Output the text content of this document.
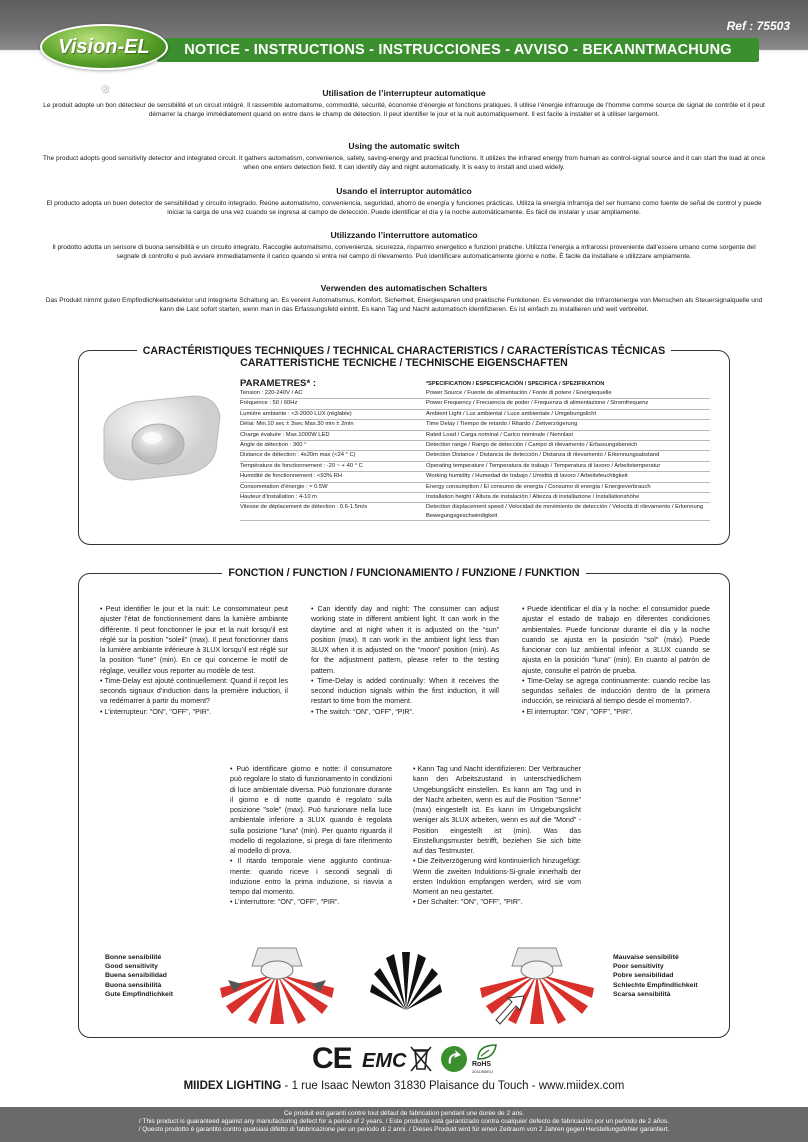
Ref : 75503
NOTICE - INSTRUCTIONS - INSTRUCCIONES - AVVISO - BEKANNTMACHUNG
Vision-EL
®	Utilisation de l’interrupteur automatique

Le produit adopte un bon détecteur de sensibilité et un circuit intégré. Il rassemble automatisme, commodité, sécurité, économie d’énergie et fonctions pratiques. Il utilise l’énergie infrarouge de l’homme comme source de signal de contrôle et il peut démarrer la charge immédiatement quand on entre dans le champ de détection. Il peut identifier le jour et la nuit automatiquement. Il est facile à installer et à utiliser largement.

Using the automatic switch

The product adopts good sensitivity detector and integrated circuit. It gathers automatism, convenience, safety, saving-energy and practical functions. It utilizes the infrared energy from human as control-signal source and it can start the load at once when one enters detection field. It can identify day and night automatically. It is easy to install and used widely.

Usando el interruptor automático

El producto adopta un buen detector de sensibilidad y circuito integrado. Reúne automatismo, conveniencia, seguridad, ahorro de energía y funciones prácticas. Utiliza la energía infrarroja del ser humano como fuente de señal de control y puede iniciar la carga de una vez cuando se ingresa al campo de detección. Puede identificar el día y la noche automáticamente. Es fácil de instalar y usar ampliamente.

Utilizzando l’interruttore automatico

Il prodotto adotta un sensore di buona sensibilità e un circuito integrato. Raccoglie automatismo, convenienza, sicurezza, risparmio energetico e funzioni pratiche. Utilizza l’energia a infrarossi proveniente dall’essere umano come sorgente del segnale di controllo e può avviare immediatamente il carico quando si entra nel campo di rilevamento. Può identificare automaticamente giorno e notte. È facile da installare e utilizzare ampiamente.

Verwenden des automatischen Schalters

Das Produkt nimmt guten Empfindlichkeitsdetektor und integrierte Schaltung an. Es vereint Automatismus, Komfort, Sicherheit, Energiesparen und praktische Funktionen. Es verwendet die Infrarotenergie von Menschen als Steuersignalquelle und kann die Last sofort starten, wenn man in das Erfassungsfeld eintritt. Es kann Tag und Nacht automatisch identifizieren. Es ist einfach zu installieren und weit verbreitet.

CARACTÉRISTIQUES TECHNIQUES / TECHNICAL CHARACTERISTICS / CARACTERÍSTICAS TÉCNICAS
CARATTERISTICHE TECNICHE / TECHNISCHE EIGENSCHAFTEN
PARAMETRES* :	*SPECIFICATION / ESPECIFICACIÓN / SPECIFICA / SPEZIFIKATION
Tension : 220-240V / AC	Power Source / Fuente de alimentación / Fonte di potere / Energiequelle
Fréquence : 50 / 60Hz	Power Frequency / Frecuencia de poder / Frequenza di alimentazione / Stromfrequenz
Lumière ambiante : <3-2000 LUX (réglable)	Ambient Light / Luz ambiental / Luce ambientale / Umgebungslicht
Délai: Min.10 sec ± 3sec Max.30 min ± 2min	Time Delay / Tiempo de retardo / Ritardo / Zeitverzögerung
Charge évaluée : Max.1000W LED	Rated Load / Carga nominal / Carico nominale / Nennlast
Angle de détection : 360 °	Detection range / Rango de detección / Campo di rilevamento / Erfassungsbereich
Distance de détection : 4x20m max (<24 ° C)	Detection Distance / Distancia de detección / Distanza di rilevamento / Erkennungsabstand
Température de fonctionnement : -20 ~ + 40 ° C	Operating temperature / Temperatura de trabajo / Temperatura di lavoro / Arbeitstemperatur
Humidité de fonctionnement : <93% RH	Working humidity / Humedad de trabajo / Umidità di lavoro / Arbeitsfeuchtigkeit
Consommation d’énergie : ≈ 0.5W	Energy consumption / El consumo de energía / Consumo di energia / Energieverbrauch
Hauteur d’installation : 4-10 m	Installation height / Altura de instalación / Altezza di installazione / Installationshöhe
Vitesse de déplacement de détection : 0.6-1.5m/s	Detection displacement speed / Velocidad de movimiento de detección / Velocità di rilevamento / Erkennung Bewegungsgeschwindigkeit
FONCTION / FUNCTION / FUNCIONAMIENTO / FUNZIONE / FUNKTION
• Peut identifier le jour et la nuit: Le consommateur peut ajuster l’état de fonctionnement dans la lumière ambiante différente. Il peut fonctionner le jour et la nuit lorsqu’il est réglé sur la position "soleil" (max). Il peut fonctionner dans la lumière ambiante inférieure à 3LUX lorsqu’il est réglé sur la position "lune" (min). En ce qui concerne le motif de réglage, veuillez vous reporter au modèle de test.
• Time-Delay est ajouté continuellement: Quand il reçoit les seconds signaux d’induction dans la première induction, il va redémarrer à partir du moment?
• L’interrupteur: "ON", "OFF", "PIR".
• Can identify day and night: The consumer can adjust working state in different ambient light. It can work in the daytime and at night when it is adjusted on the “sun” position (max). It can work in the ambient light less than 3LUX when it is adjusted on the “moon” position (min). As for the adjustment pattern, please refer to the testing pattern.
• Time-Delay is added continually: When it receives the second induction signals within the first induction, it will restart to time from the moment.
• The switch: “ON”, “OFF”, “PIR”.
• Puede identificar el día y la noche: el consumidor puede ajustar el estado de trabajo en diferentes condiciones ambientales. Puede funcionar durante el día y la noche cuando se ajusta en la posición "sol" (máx). Puede funcionar con luz ambiental inferior a 3LUX cuando se ajusta en la posición "luna" (min). En cuanto al patrón de ajuste, consulte el patrón de prueba.
• Time-Delay se agrega continuamente: cuando recibe las segundas señales de inducción dentro de la primera inducción, se reiniciará al tiempo desde el momento?.
• El interruptor: "ON", "OFF", "PIR".
• Può identificare giorno e notte: il consumatore può regolare lo stato di funzionamento in condizioni di luce ambientale diversa. Può funzionare durante il giorno e di notte quando è regolato sulla posizione "sole" (max). Può funzionare nella luce ambientale inferiore a 3LUX quando è regolata sulla posizione "luna" (min). Per quanto riguarda il modello di regolazione, si prega di fare riferimento al modello di prova.
• Il ritardo temporale viene aggiunto continua-mente: quando riceve i secondi segnali di induzione entro la prima induzione, si riavvia a tempo dal momento.
• L’interruttore: "ON", "OFF", "PIR".
• Kann Tag und Nacht identifizieren: Der Verbraucher kann den Arbeitszustand in unterschiedlichem Umgebungslicht einstellen. Es kann am Tag und in der Nacht arbeiten, wenn es auf die Position "Sonne" (max) eingestellt ist. Es kann im Umgebungslicht weniger als 3LUX arbeiten, wenn es auf die "Mond" -Position eingestellt ist (min). Was das Einstellungsmuster betrifft, beziehen Sie sich bitte auf das Testmuster.
• Die Zeitverzögerung wird kontinuierlich hinzugefügt: Wenn die zweiten Induktions-Si-gnale innerhalb der ersten Induktion empfangen werden, wird sie vom Moment an neu gestartet.
• Der Schalter: "ON", "OFF", "PIR".
Bonne sensibilité
Good sensitivity
Buena sensibilidad
Buona sensibilità
Gute Empfindlichkeit
Mauvaise sensibilité
Poor sensitivity
Pobre sensibilidad
Schlechte Empfindlichkeit
Scarsa sensibilità
CE EMC	RoHS
2011/65/EU
MIIDEX LIGHTING - 1 rue Isaac Newton 31830 Plaisance du Touch - www.miidex.com
Ce produit est garanti contre tout défaut de fabrication pendant une durée de 2 ans.
/ This product is guaranteed against any manufacturing defect for a period of 2 years. / Este producto está garantizado contra cualquier defecto de fabricación por un período de 2 años.
/ Questo prodotto è garantito contro qualsiasi difetto di fabbricazione per un periodo di 2 anni. / Dieses Produkt wird für einen Zeitraum von 2 Jahren gegen Herstellungsfehler garantiert.
